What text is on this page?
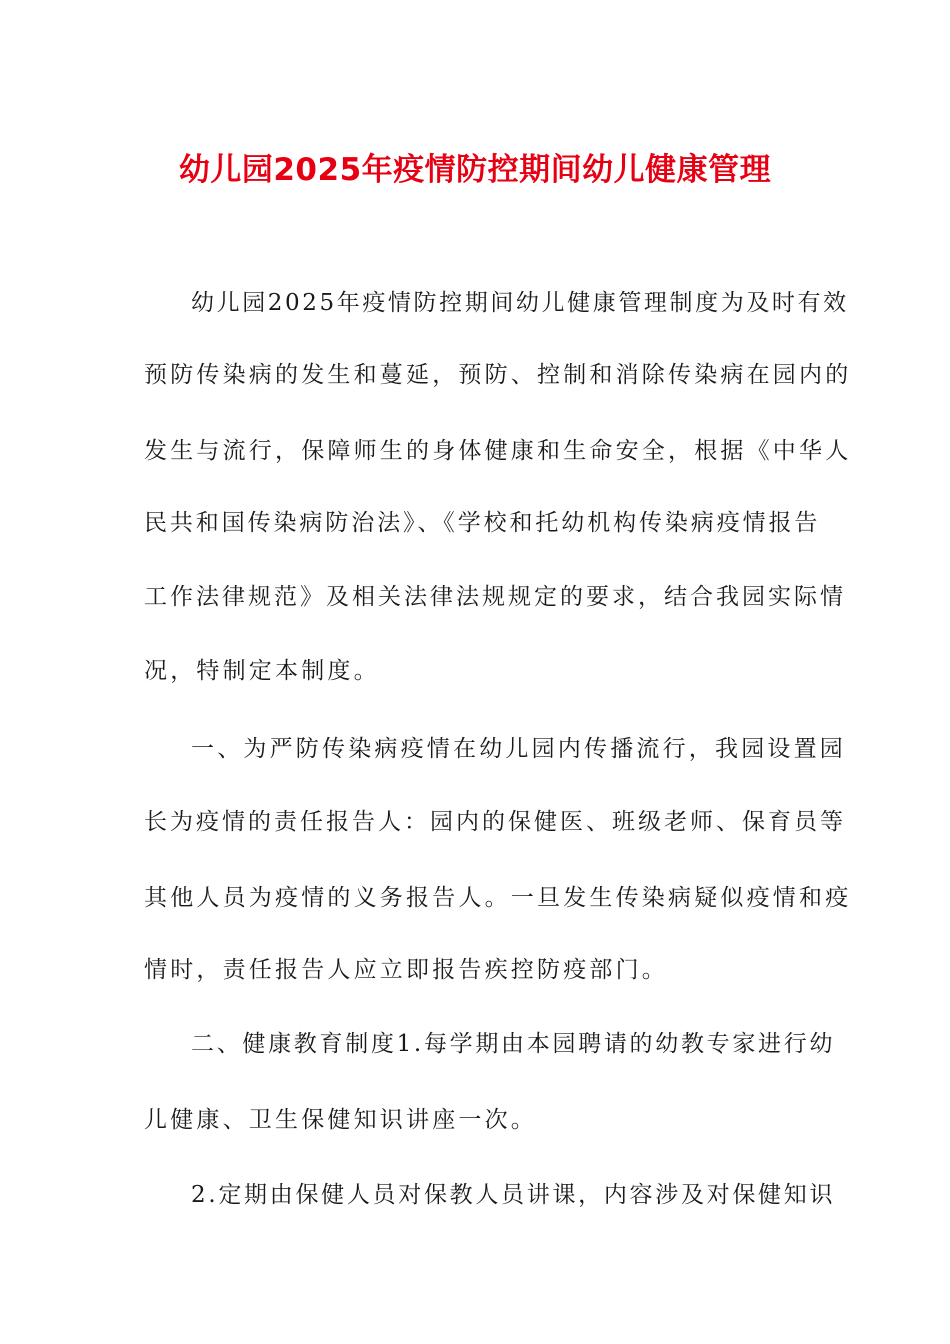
幼儿园2025年疫情防控期间幼儿健康管理

幼儿园2025年疫情防控期间幼儿健康管理制度为及时有效

预防传染病的发生和蔓延，预防、控制和消除传染病在园内的

发生与流行，保障师生的身体健康和生命安全，根据《中华人

民共和国传染病防治法》、《学校和托幼机构传染病疫情报告

工作法律规范》及相关法律法规规定的要求，结合我园实际情

况，特制定本制度。

一、为严防传染病疫情在幼儿园内传播流行，我园设置园

长为疫情的责任报告人：园内的保健医、班级老师、保育员等

其他人员为疫情的义务报告人。一旦发生传染病疑似疫情和疫

情时，责任报告人应立即报告疾控防疫部门。

二、健康教育制度1.每学期由本园聘请的幼教专家进行幼

儿健康、卫生保健知识讲座一次。

2.定期由保健人员对保教人员讲课，内容涉及对保健知识
